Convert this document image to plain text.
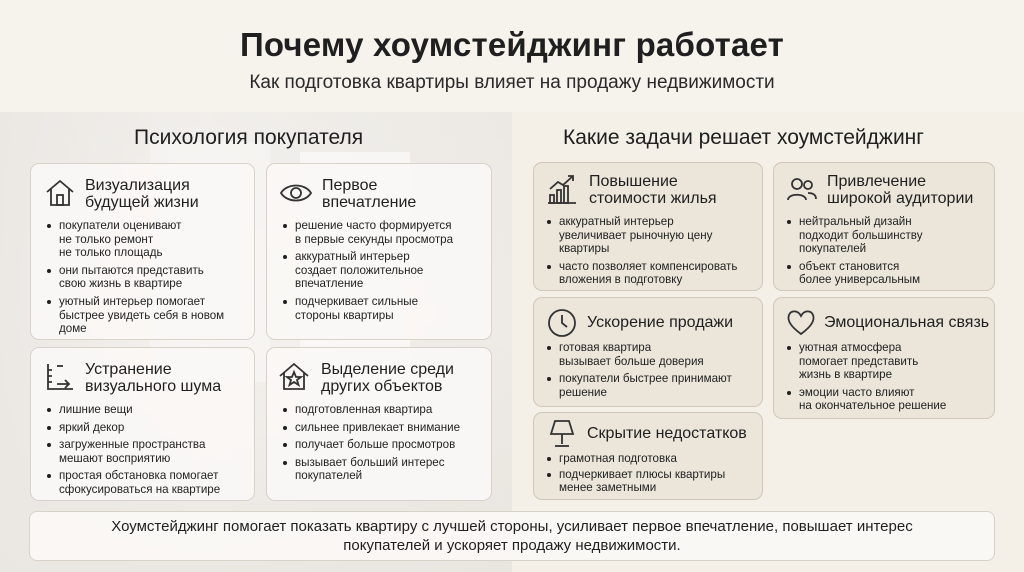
Почему хоумстейджинг работает
Как подготовка квартиры влияет на продажу недвижимости
Психология покупателя	Какие задачи решает хоумстейджинг
Визуализация
будущей жизни
покупатели оценивают
не только ремонт
не только площадь
они пытаются представить
свою жизнь в квартире
уютный интерьер помогает
быстрее увидеть себя в новом
доме
Первое
впечатление
решение часто формируется
в первые секунды просмотра
аккуратный интерьер
создает положительное
впечатление
подчеркивает сильные
стороны квартиры
Устранение
визуального шума
лишние вещи
яркий декор
загруженные пространства
мешают восприятию
простая обстановка помогает
сфокусироваться на квартире
Выделение среди
других объектов
подготовленная квартира
сильнее привлекает внимание
получает больше просмотров
вызывает больший интерес
покупателей
Повышение
стоимости жилья
аккуратный интерьер
увеличивает рыночную цену
квартиры
часто позволяет компенсировать
вложения в подготовку
Привлечение
широкой аудитории
нейтральный дизайн
подходит большинству
покупателей
объект становится
более универсальным
Ускорение продажи
готовая квартира
вызывает больше доверия
покупатели быстрее принимают
решение
Эмоциональная связь
уютная атмосфера
помогает представить
жизнь в квартире
эмоции часто влияют
на окончательное решение
Скрытие недостатков
грамотная подготовка
подчеркивает плюсы квартиры
менее заметными
Хоумстейджинг помогает показать квартиру с лучшей стороны, усиливает первое впечатление, повышает интерес
покупателей и ускоряет продажу недвижимости.
